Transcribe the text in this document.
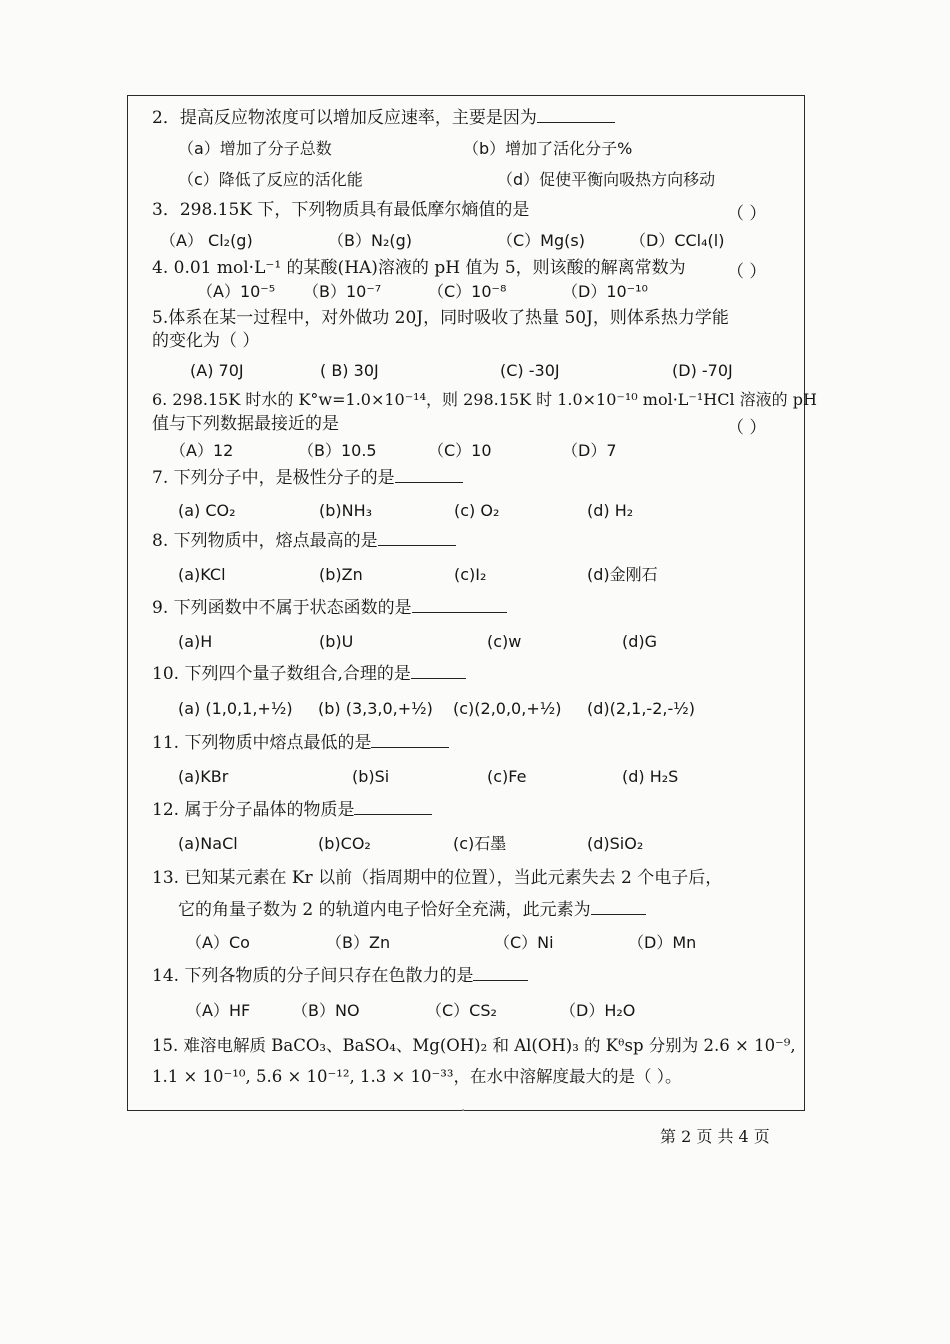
2．提高反应物浓度可以增加反应速率，主要是因为
（a）增加了分子总数	（b）增加了活化分子%
（c）降低了反应的活化能	（d）促使平衡向吸热方向移动
3．298.15K 下，下列物质具有最低摩尔熵值的是	（ ）
（A） Cl₂(g)	（B）N₂(g)	（C）Mg(s)	（D）CCl₄(l)
4. 0.01 mol·L⁻¹ 的某酸(HA)溶液的 pH 值为 5，则该酸的解离常数为 （ ）
（A）10⁻⁵ （B）10⁻⁷	（C）10⁻⁸	（D）10⁻¹⁰
5.体系在某一过程中，对外做功 20J，同时吸收了热量 50J，则体系热力学能
的变化为（ ）
(A) 70J	( B) 30J	(C) -30J	(D) -70J
6. 298.15K 时水的 K°w=1.0×10⁻¹⁴，则 298.15K 时 1.0×10⁻¹⁰ mol·L⁻¹HCl 溶液的 pH
值与下列数据最接近的是	（ ）
（A）12	（B）10.5	（C）10	（D）7
7. 下列分子中，是极性分子的是
(a) CO₂	(b)NH₃	(c) O₂	(d) H₂
8. 下列物质中，熔点最高的是
(a)KCl	(b)Zn	(c)I₂	(d)金刚石
9. 下列函数中不属于状态函数的是
(a)H	(b)U	(c)w	(d)G
10. 下列四个量子数组合,合理的是
(a) (1,0,1,+½) (b) (3,3,0,+½) (c)(2,0,0,+½) (d)(2,1,-2,-½)
11. 下列物质中熔点最低的是
(a)KBr	(b)Si	(c)Fe	(d) H₂S
12. 属于分子晶体的物质是
(a)NaCl	(b)CO₂	(c)石墨	(d)SiO₂
13. 已知某元素在 Kr 以前（指周期中的位置），当此元素失去 2 个电子后，
它的角量子数为 2 的轨道内电子恰好全充满，此元素为
（A）Co	（B）Zn	（C）Ni	（D）Mn
14. 下列各物质的分子间只存在色散力的是
（A）HF	（B）NO	（C）CS₂	（D）H₂O
15. 难溶电解质 BaCO₃、BaSO₄、Mg(OH)₂ 和 Al(OH)₃ 的 Kᶿsp 分别为 2.6 × 10⁻⁹,
1.1 × 10⁻¹⁰, 5.6 × 10⁻¹², 1.3 × 10⁻³³，在水中溶解度最大的是（ ）。
第 2 页 共 4 页
